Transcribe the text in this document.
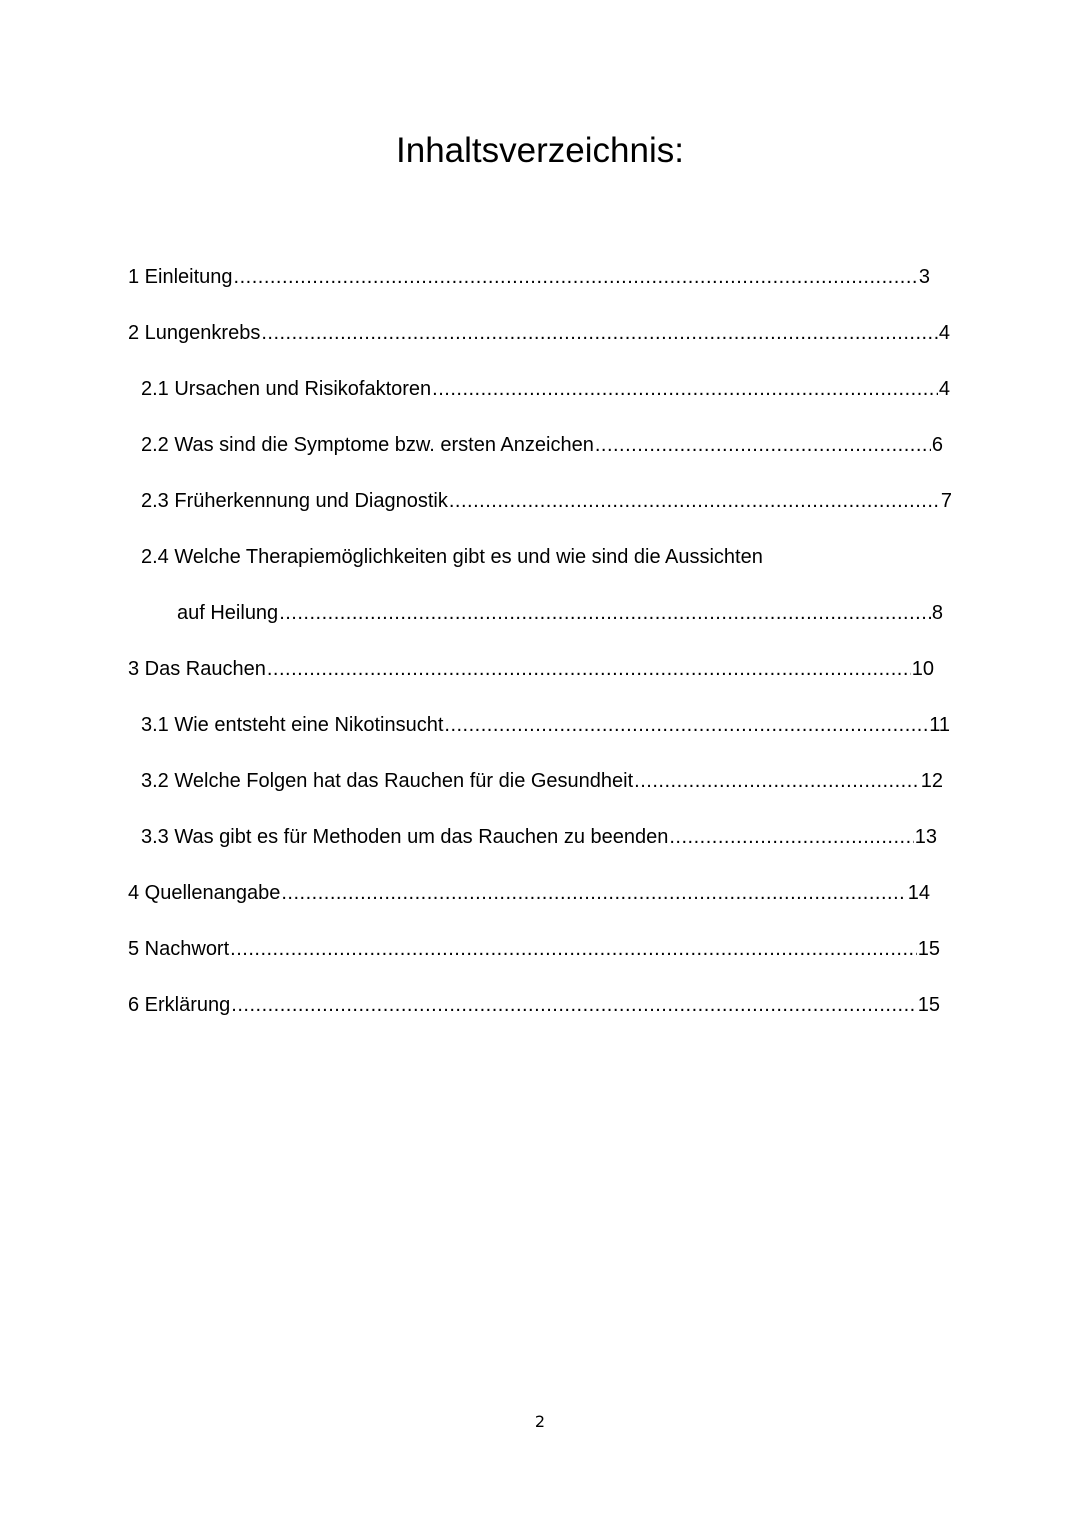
Inhaltsverzeichnis:
1 Einleitung .....	3
2 Lungenkrebs .....	4
2.1 Ursachen und Risikofaktoren .....	4
2.2 Was sind die Symptome bzw. ersten Anzeichen .....	6
2.3 Früherkennung und Diagnostik .....	7
2.4 Welche Therapiemöglichkeiten gibt es und wie sind die Aussichten
auf Heilung .....	8
3 Das Rauchen .....	10
3.1 Wie entsteht eine Nikotinsucht .....	11
3.2 Welche Folgen hat das Rauchen für die Gesundheit .....	12
3.3 Was gibt es für Methoden um das Rauchen zu beenden .....	13
4 Quellenangabe .....	14
5 Nachwort .....	15
6 Erklärung .....	15
2
